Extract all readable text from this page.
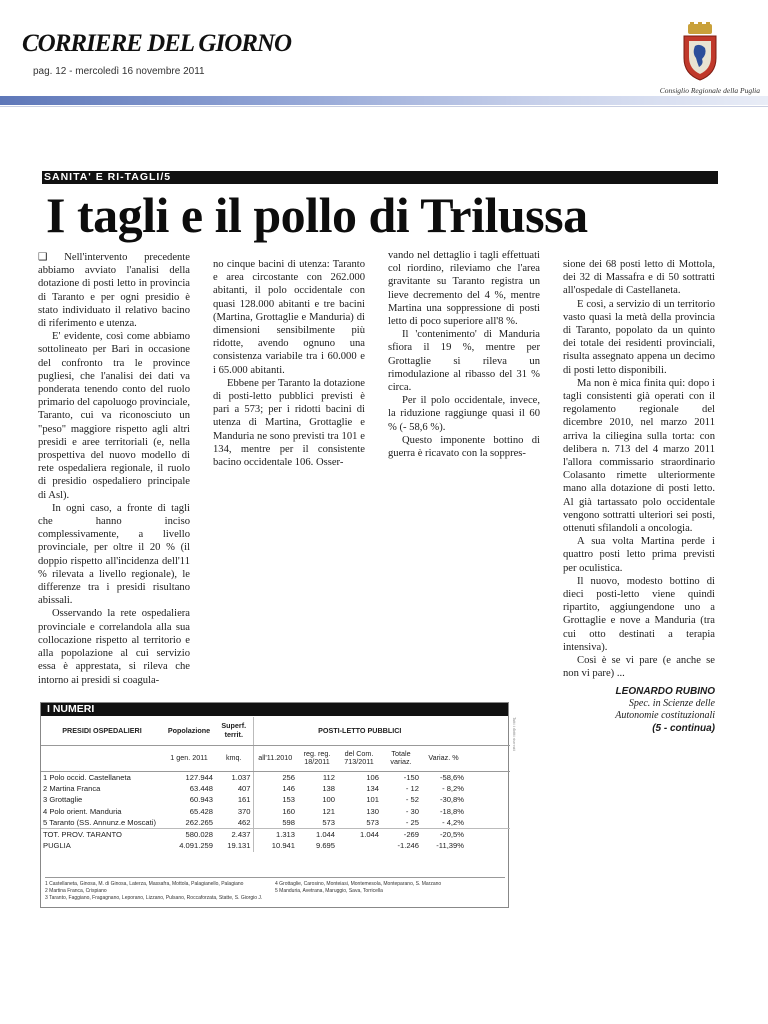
CORRIERE DEL GIORNO
pag. 12 - mercoledì 16 novembre 2011
Consiglio Regionale della Puglia
SANITA' E RI-TAGLI/5
I tagli e il pollo di Trilussa

❑ Nell'intervento precedente abbiamo avviato l'analisi della dotazione di posti letto in provincia di Taranto e per ogni presidio è stato individuato il relativo bacino di riferimento e utenza.

E' evidente, così come abbiamo sottolineato per Bari in occasione del confronto tra le province pugliesi, che l'analisi dei dati va ponderata tenendo conto del ruolo primario del capoluogo provinciale, Taranto, cui va riconosciuto un "peso" maggiore rispetto agli altri presidi e aree territoriali (e, nella prospettiva del nuovo modello di rete ospedaliera regionale, il ruolo di presidio ospedaliero principale di Asl).

In ogni caso, a fronte di tagli che hanno inciso complessivamente, a livello provinciale, per oltre il 20 % (il doppio rispetto all'incidenza dell'11 % rilevata a livello regionale), le differenze tra i presidi risultano abissali.

Osservando la rete ospedaliera provinciale e correlandola alla sua collocazione rispetto al territorio e alla popolazione al cui servizio essa è apprestata, si rileva che intorno ai presidi si coagula-

no cinque bacini di utenza: Taranto e area circostante con 262.000 abitanti, il polo occidentale con quasi 128.000 abitanti e tre bacini (Martina, Grottaglie e Manduria) di dimensioni sensibilmente più ridotte, avendo ognuno una consistenza variabile tra i 60.000 e i 65.000 abitanti.

Ebbene per Taranto la dotazione di posti-letto pubblici previsti è pari a 573; per i ridotti bacini di utenza di Martina, Grottaglie e Manduria ne sono previsti tra 101 e 134, mentre per il consistente bacino occidentale 106. Osser-

vando nel dettaglio i tagli effettuati col riordino, rileviamo che l'area gravitante su Taranto registra un lieve decremento del 4 %, mentre Martina una soppressione di posti letto di poco superiore all'8 %.

Il 'contenimento' di Manduria sfiora il 19 %, mentre per Grottaglie si rileva un rimodulazione al ribasso del 31 % circa.

Per il polo occidentale, invece, la riduzione raggiunge quasi il 60 % (- 58,6 %).

Questo imponente bottino di guerra è ricavato con la soppres-

sione dei 68 posti letto di Mottola, dei 32 di Massafra e di 50 sottratti all'ospedale di Castellaneta.

E così, a servizio di un territorio vasto quasi la metà della provincia di Taranto, popolato da un quinto dei totale dei residenti provinciali, risulta assegnato appena un decimo di posti letto disponibili.

Ma non è mica finita qui: dopo i tagli consistenti già operati con il regolamento regionale del dicembre 2010, nel marzo 2011 arriva la ciliegina sulla torta: con delibera n. 713 del 4 marzo 2011 l'allora commissario straordinario Colasanto rimette ulteriormente mano alla dotazione di posti letto. Al già tartassato polo occidentale vengono sottratti ulteriori sei posti, ottenuti sfilandoli a oncologia.

A sua volta Martina perde i quattro posti letto prima previsti per oculistica.

Il nuovo, modesto bottino di dieci posti-letto viene quindi ripartito, aggiungendone uno a Grottaglie e nove a Manduria (tra cui otto destinati a terapia intensiva).

Così è se vi pare (e anche se non vi pare) ...

LEONARDO RUBINO

Spec. in Scienze delle

Autonomie costituzionali

(5 - continua)

I NUMERI
PRESIDI OSPEDALIERI	Popolazione	Superf. territ.	POSTI-LETTO PUBBLICI					
	1 gen. 2011	kmq.	all'11.2010	reg. reg. 18/2011	del Com. 713/2011	Totale variaz.	Variaz. %	
1 Polo occid. Castellaneta	127.944	1.037	256	112	106	-150	-58,6%	
2 Martina Franca	63.448	407	146	138	134	- 12	- 8,2%	
3 Grottaglie	60.943	161	153	100	101	- 52	-30,8%	
4 Polo orient. Manduria	65.428	370	160	121	130	- 30	-18,8%	
5 Taranto (SS. Annunz.e Moscati)	262.265	462	598	573	573	- 25	- 4,2%	
TOT. PROV. TARANTO	580.028	2.437	1.313	1.044	1.044	-269	-20,5%	
PUGLIA	4.091.259	19.131	10.941	9.695		-1.246	-11,39%	
1 Castellaneta, Ginosa, M. di Ginosa, Laterza, Massafra, Mottola, Palagianello, Palagiano
2 Martina Franca, Crispiano
3 Taranto, Faggiano, Fragagnano, Leporano, Lizzano, Pulsano, Roccaforzata, Statte, S. Giorgio J.
4 Grottaglie, Carosino, Monteiasi, Montemesola, Monteparano, S. Marzano
5 Manduria, Avetrana, Maruggio, Sava, Torricella
Tutti i diritti riservati
